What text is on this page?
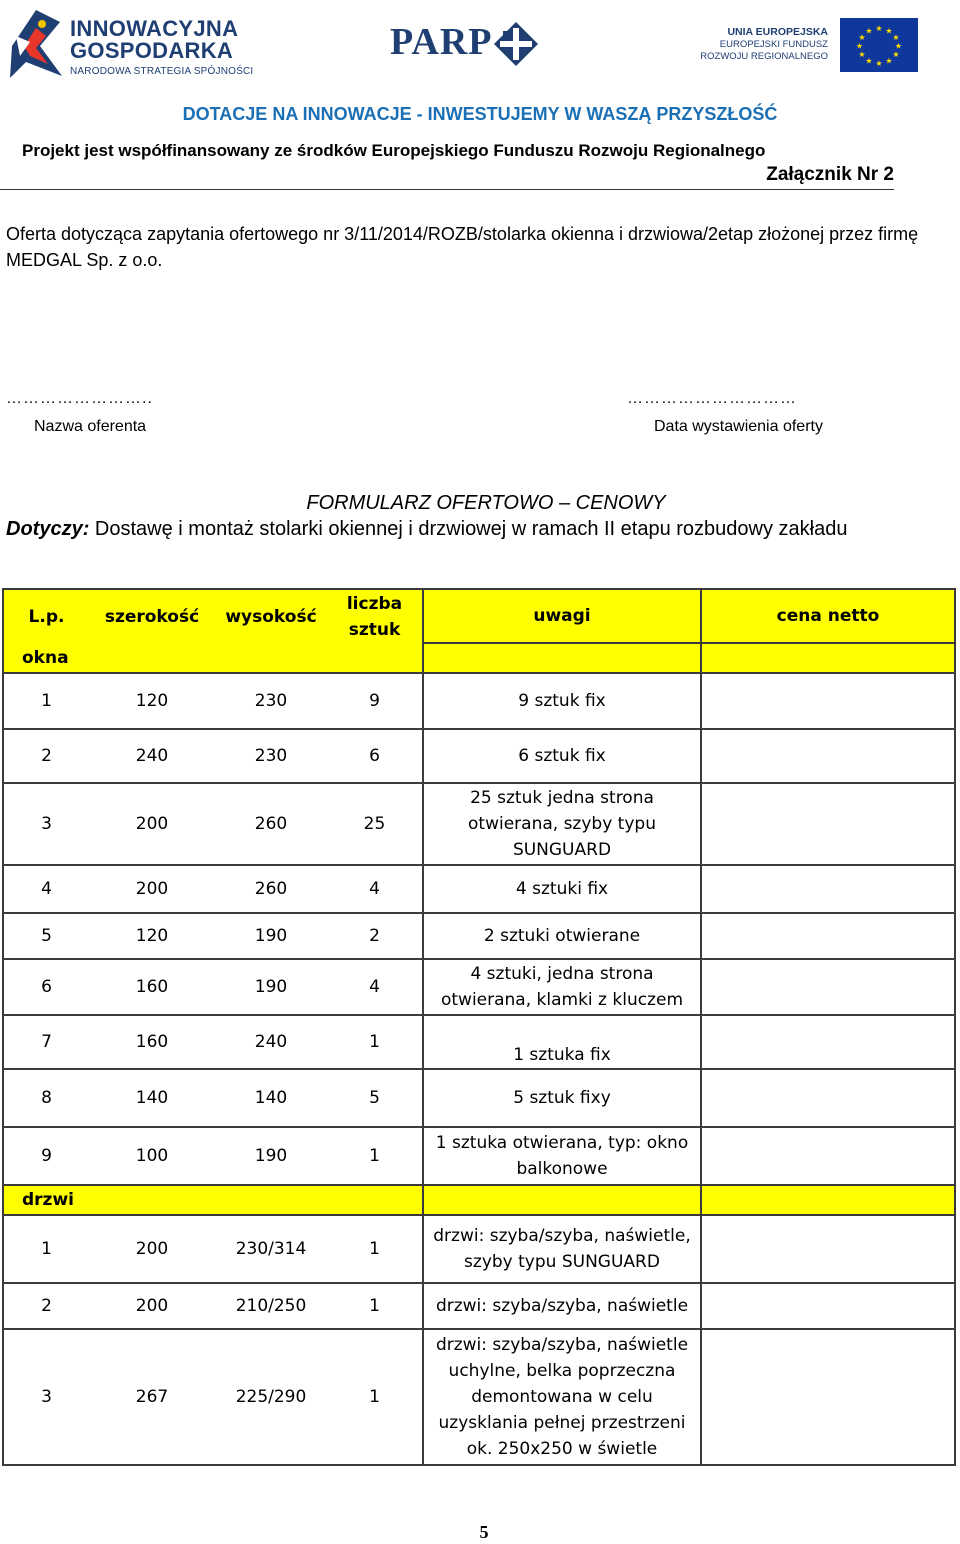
INNOWACYJNA
GOSPODARKA
NARODOWA STRATEGIA SPÓJNOŚCI
PARP	UNIA EUROPEJSKA
EUROPEJSKI FUNDUSZ
ROZWOJU REGIONALNEGO
★ ★
★
★
★
★
★
★
★
★
★
★
DOTACJE NA INNOWACJE - INWESTUJEMY W WASZĄ PRZYSZŁOŚĆ
Projekt jest współfinansowany ze środków Europejskiego Funduszu Rozwoju Regionalnego
Załącznik Nr 2
Oferta dotycząca zapytania ofertowego nr 3/11/2014/ROZB/stolarka okienna i drzwiowa/2etap złożonej przez firmę MEDGAL Sp. z o.o.
……………………..	…………………………
Nazwa oferenta	Data wystawienia oferty
FORMULARZ OFERTOWO – CENOWY
Dotyczy: Dostawę i montaż stolarki okiennej i drzwiowej w ramach II etapu rozbudowy zakładu
L.p.	szerokość	wysokość	liczba sztuk	uwagi	cena netto
okna					
1	120	230	9	9 sztuk fix	
2	240	230	6	6 sztuk fix	
3	200	260	25	25 sztuk jedna strona otwierana, szyby typu SUNGUARD	
4	200	260	4	4 sztuki fix	
5	120	190	2	2 sztuki otwierane	
6	160	190	4	4 sztuki, jedna strona otwierana, klamki z kluczem	
7	160	240	1	1 sztuka fix	
8	140	140	5	5 sztuk fixy	
9	100	190	1	1 sztuka otwierana, typ: okno balkonowe	
drzwi					
1	200	230/314	1	drzwi: szyba/szyba, naświetle, szyby typu SUNGUARD	
2	200	210/250	1	drzwi: szyba/szyba, naświetle	
3	267	225/290	1	drzwi: szyba/szyba, naświetle uchylne, belka poprzeczna demontowana w celu uzysklania pełnej przestrzeni ok. 250x250 w świetle	
5
